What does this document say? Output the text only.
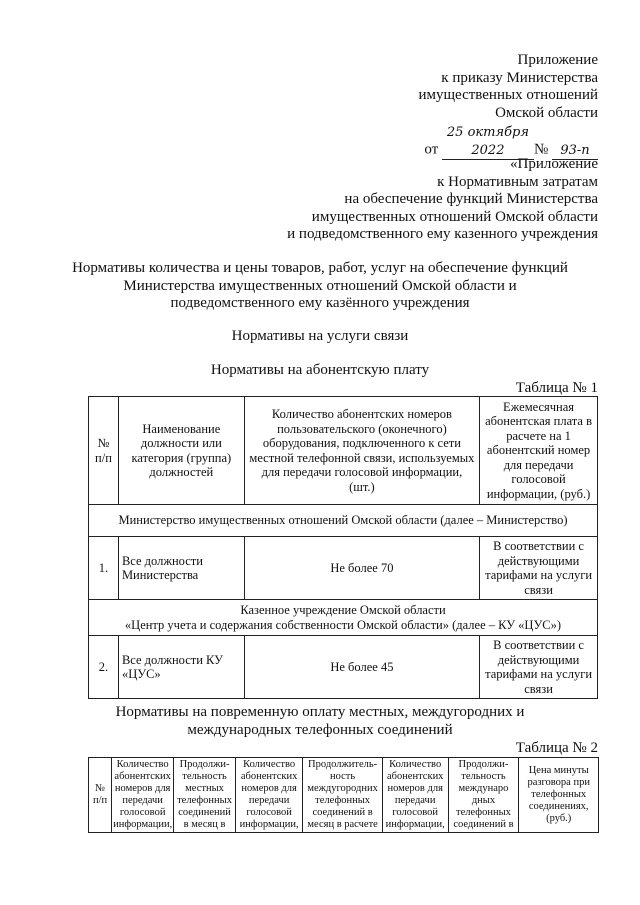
Приложение
к приказу Министерства
имущественных отношений
Омской области
от 25 октября 2022 № 93-п
«Приложение
к Нормативным затратам
на обеспечение функций Министерства
имущественных отношений Омской области
и подведомственного ему казенного учреждения
Нормативы количества и цены товаров, работ, услуг на обеспечение функций
Министерства имущественных отношений Омской области и
подведомственного ему казённого учреждения
Нормативы на услуги связи
Нормативы на абонентскую плату
Таблица № 1
№ п/п	Наименование должности или категория (группа) должностей	Количество абонентских номеров пользовательского (оконечного) оборудования, подключенного к сети местной телефонной связи, используемых для передачи голосовой информации, (шт.)	Ежемесячная абонентская плата в расчете на 1 абонентский номер для передачи голосовой информации, (руб.)
Министерство имущественных отношений Омской области (далее – Министерство)			
1.	Все должности Министерства	Не более 70	В соответствии с действующими тарифами на услуги связи

Казенное учреждение Омской области
«Центр учета и содержания собственности Омской области» (далее – КУ «ЦУС»)			

2.	Все должности КУ «ЦУС»	Не более 45	В соответствии с действующими тарифами на услуги связи
Нормативы на повременную оплату местных, междугородних и
международных телефонных соединений
Таблица № 2
№ п/п	Количество абонентских номеров для передачи голосовой информации,	Продолжи-тельность местных телефонных соединений в месяц в	Количество абонентских номеров для передачи голосовой информации,	Продолжитель-ность междугородних телефонных соединений в месяц в расчете	Количество абонентских номеров для передачи голосовой информации,	Продолжи-тельность междунаро дных телефонных соединений в	Цена минуты разговора при телефонных соединениях, (руб.)
